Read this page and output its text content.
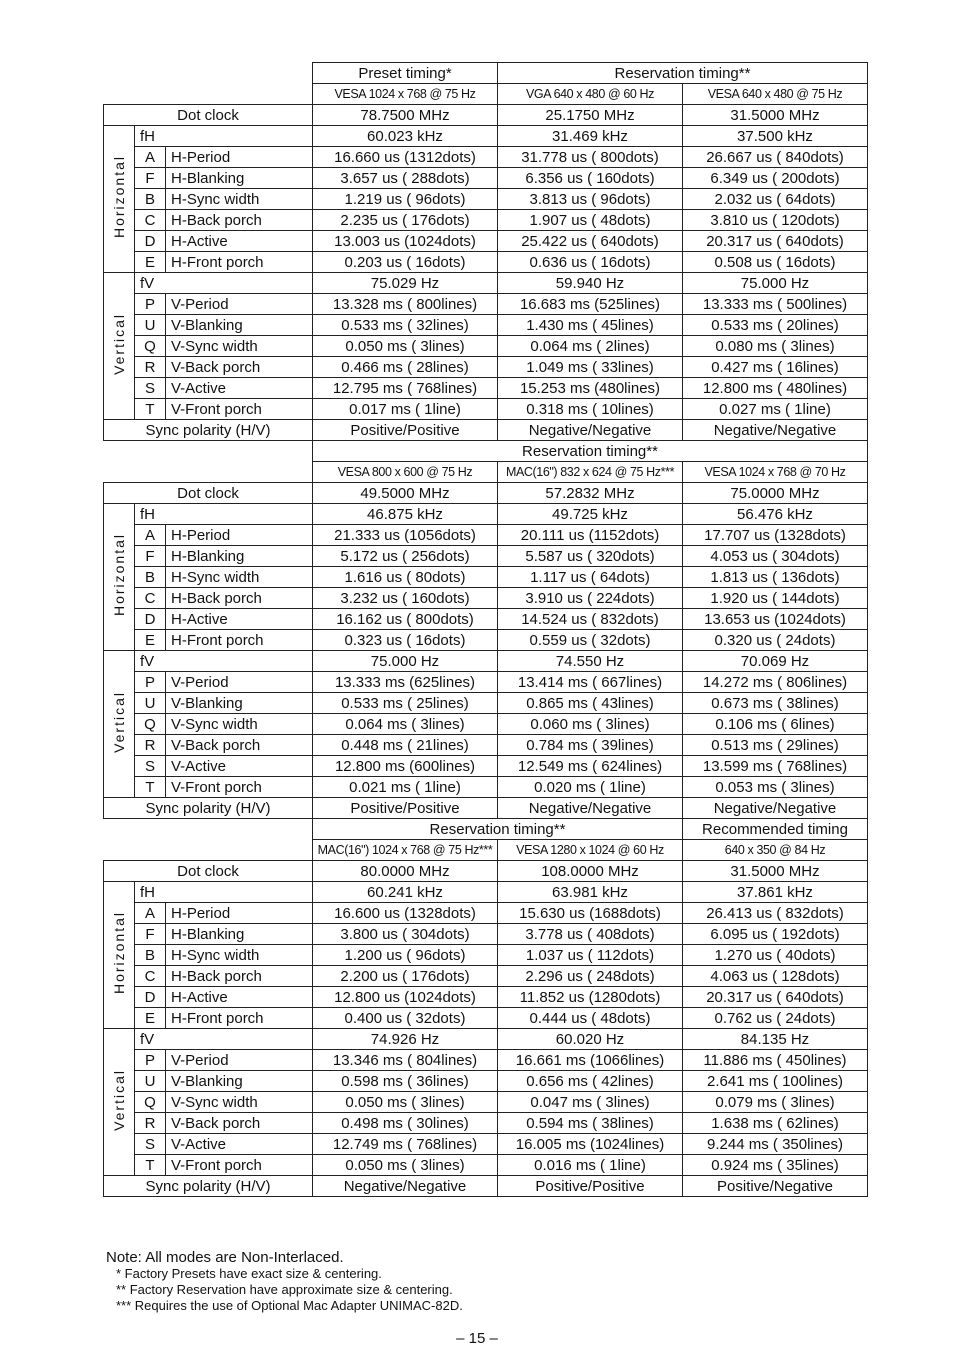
			Preset timing*	Reservation timing**	
			VESA 1024 x 768 @ 75 Hz	VGA 640 x 480 @ 60 Hz	VESA 640 x 480 @ 75 Hz
Dot clock			78.7500 MHz	25.1750 MHz	31.5000 MHz
Horizontal	fH		60.023 kHz	31.469 kHz	37.500 kHz
	A	H-Period	16.660 us (1312dots)	31.778 us ( 800dots)	26.667 us ( 840dots)
	F	H-Blanking	3.657 us ( 288dots)	6.356 us ( 160dots)	6.349 us ( 200dots)
	B	H-Sync width	1.219 us ( 96dots)	3.813 us ( 96dots)	2.032 us ( 64dots)
	C	H-Back porch	2.235 us ( 176dots)	1.907 us ( 48dots)	3.810 us ( 120dots)
	D	H-Active	13.003 us (1024dots)	25.422 us ( 640dots)	20.317 us ( 640dots)
	E	H-Front porch	0.203 us ( 16dots)	0.636 us ( 16dots)	0.508 us ( 16dots)
Vertical	fV		75.029 Hz	59.940 Hz	75.000 Hz
	P	V-Period	13.328 ms ( 800lines)	16.683 ms (525lines)	13.333 ms ( 500lines)
	U	V-Blanking	0.533 ms ( 32lines)	1.430 ms ( 45lines)	0.533 ms ( 20lines)
	Q	V-Sync width	0.050 ms ( 3lines)	0.064 ms ( 2lines)	0.080 ms ( 3lines)
	R	V-Back porch	0.466 ms ( 28lines)	1.049 ms ( 33lines)	0.427 ms ( 16lines)
	S	V-Active	12.795 ms ( 768lines)	15.253 ms (480lines)	12.800 ms ( 480lines)
	T	V-Front porch	0.017 ms ( 1line)	0.318 ms ( 10lines)	0.027 ms ( 1line)
Sync polarity (H/V)			Positive/Positive	Negative/Negative	Negative/Negative
			Reservation timing**		
			VESA 800 x 600 @ 75 Hz	MAC(16") 832 x 624 @ 75 Hz***	VESA 1024 x 768 @ 70 Hz
Dot clock			49.5000 MHz	57.2832 MHz	75.0000 MHz
Horizontal	fH		46.875 kHz	49.725 kHz	56.476 kHz
	A	H-Period	21.333 us (1056dots)	20.111 us (1152dots)	17.707 us (1328dots)
	F	H-Blanking	5.172 us ( 256dots)	5.587 us ( 320dots)	4.053 us ( 304dots)
	B	H-Sync width	1.616 us ( 80dots)	1.117 us ( 64dots)	1.813 us ( 136dots)
	C	H-Back porch	3.232 us ( 160dots)	3.910 us ( 224dots)	1.920 us ( 144dots)
	D	H-Active	16.162 us ( 800dots)	14.524 us ( 832dots)	13.653 us (1024dots)
	E	H-Front porch	0.323 us ( 16dots)	0.559 us ( 32dots)	0.320 us ( 24dots)
Vertical	fV		75.000 Hz	74.550 Hz	70.069 Hz
	P	V-Period	13.333 ms (625lines)	13.414 ms ( 667lines)	14.272 ms ( 806lines)
	U	V-Blanking	0.533 ms ( 25lines)	0.865 ms ( 43lines)	0.673 ms ( 38lines)
	Q	V-Sync width	0.064 ms ( 3lines)	0.060 ms ( 3lines)	0.106 ms ( 6lines)
	R	V-Back porch	0.448 ms ( 21lines)	0.784 ms ( 39lines)	0.513 ms ( 29lines)
	S	V-Active	12.800 ms (600lines)	12.549 ms ( 624lines)	13.599 ms ( 768lines)
	T	V-Front porch	0.021 ms ( 1line)	0.020 ms ( 1line)	0.053 ms ( 3lines)
Sync polarity (H/V)			Positive/Positive	Negative/Negative	Negative/Negative
			Reservation timing**		Recommended timing
			MAC(16") 1024 x 768 @ 75 Hz***	VESA 1280 x 1024 @ 60 Hz	640 x 350 @ 84 Hz
Dot clock			80.0000 MHz	108.0000 MHz	31.5000 MHz
Horizontal	fH		60.241 kHz	63.981 kHz	37.861 kHz
	A	H-Period	16.600 us (1328dots)	15.630 us (1688dots)	26.413 us ( 832dots)
	F	H-Blanking	3.800 us ( 304dots)	3.778 us ( 408dots)	6.095 us ( 192dots)
	B	H-Sync width	1.200 us ( 96dots)	1.037 us ( 112dots)	1.270 us ( 40dots)
	C	H-Back porch	2.200 us ( 176dots)	2.296 us ( 248dots)	4.063 us ( 128dots)
	D	H-Active	12.800 us (1024dots)	11.852 us (1280dots)	20.317 us ( 640dots)
	E	H-Front porch	0.400 us ( 32dots)	0.444 us ( 48dots)	0.762 us ( 24dots)
Vertical	fV		74.926 Hz	60.020 Hz	84.135 Hz
	P	V-Period	13.346 ms ( 804lines)	16.661 ms (1066lines)	11.886 ms ( 450lines)
	U	V-Blanking	0.598 ms ( 36lines)	0.656 ms ( 42lines)	2.641 ms ( 100lines)
	Q	V-Sync width	0.050 ms ( 3lines)	0.047 ms ( 3lines)	0.079 ms ( 3lines)
	R	V-Back porch	0.498 ms ( 30lines)	0.594 ms ( 38lines)	1.638 ms ( 62lines)
	S	V-Active	12.749 ms ( 768lines)	16.005 ms (1024lines)	9.244 ms ( 350lines)
	T	V-Front porch	0.050 ms ( 3lines)	0.016 ms ( 1line)	0.924 ms ( 35lines)
Sync polarity (H/V)			Negative/Negative	Positive/Positive	Positive/Negative
Note: All modes are Non-Interlaced.
* Factory Presets have exact size & centering.
** Factory Reservation have approximate size & centering.
*** Requires the use of Optional Mac Adapter UNIMAC-82D.
– 15 –
